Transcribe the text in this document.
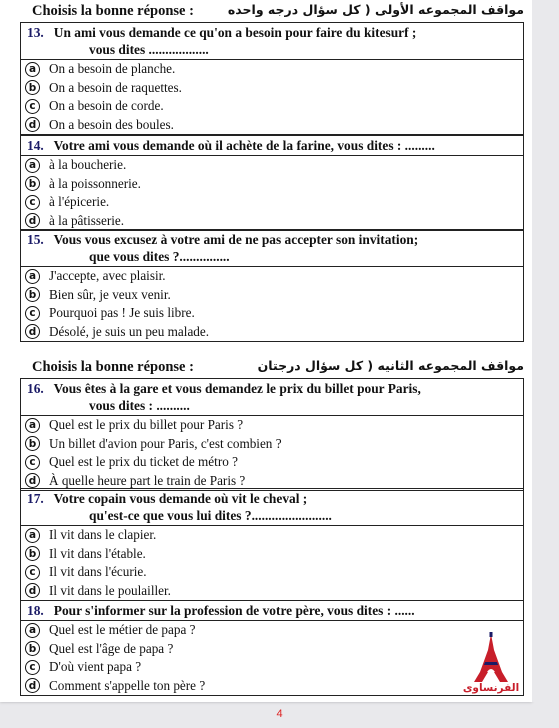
Choisis la bonne réponse :	مواقف المجموعه الأولى ( كل سؤال درجه واحده
13. Un ami vous demande ce qu'on a besoin pour faire du kitesurf ;
vous dites ..................
a On a besoin de planche.
b On a besoin de raquettes.
c	On a besoin de corde.
d On a besoin des boules.
14. Votre ami vous demande où il achète de la farine, vous dites : .........
a à la boucherie.
b à la poissonnerie.
c	à l'épicerie.
d à la pâtisserie.
15. Vous vous excusez à votre ami de ne pas accepter son invitation;
que vous dites ?...............
a J'accepte, avec plaisir.
b Bien sûr, je veux venir.
c	Pourquoi pas ! Je suis libre.
d Désolé, je suis un peu malade.
Choisis la bonne réponse :	مواقف المجموعه الثانيه ( كل سؤال درجتان
16. Vous êtes à la gare et vous demandez le prix du billet pour Paris,
vous dites : ..........
a Quel est le prix du billet pour Paris ?
b Un billet d'avion pour Paris, c'est combien ?
c	Quel est le prix du ticket de métro ?
d À quelle heure part le train de Paris ?
17. Votre copain vous demande où vit le cheval ;
qu'est-ce que vous lui dites ?........................
a Il vit dans le clapier.
b Il vit dans l'étable.
c	Il vit dans l'écurie.
d Il vit dans le poulailler.
18. Pour s'informer sur la profession de votre père, vous dites : ......
a Quel est le métier de papa ?
b Quel est l'âge de papa ?
c	D'où vient papa ?
d Comment s'appelle ton père ?	الفرنساوى
4
